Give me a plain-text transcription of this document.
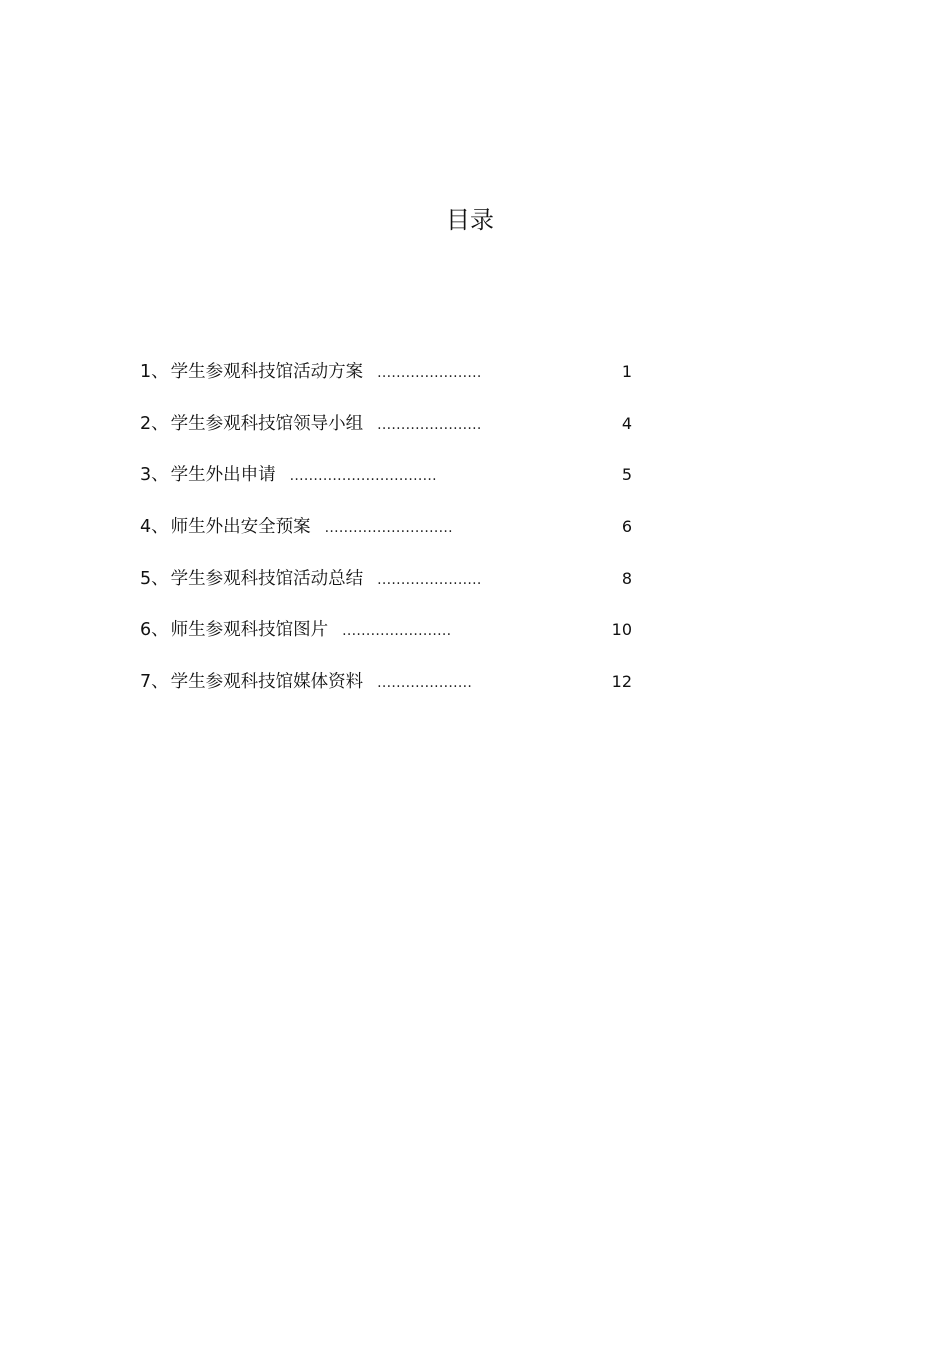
目录
1、 学生参观科技馆活动方案 ......................	1
2、 学生参观科技馆领导小组 ......................	4
3、 学生外出申请 ...............................	5
4、 师生外出安全预案 ...........................	6
5、 学生参观科技馆活动总结 ......................	8
6、 师生参观科技馆图片 .......................	10
7、 学生参观科技馆媒体资料 ....................	12
